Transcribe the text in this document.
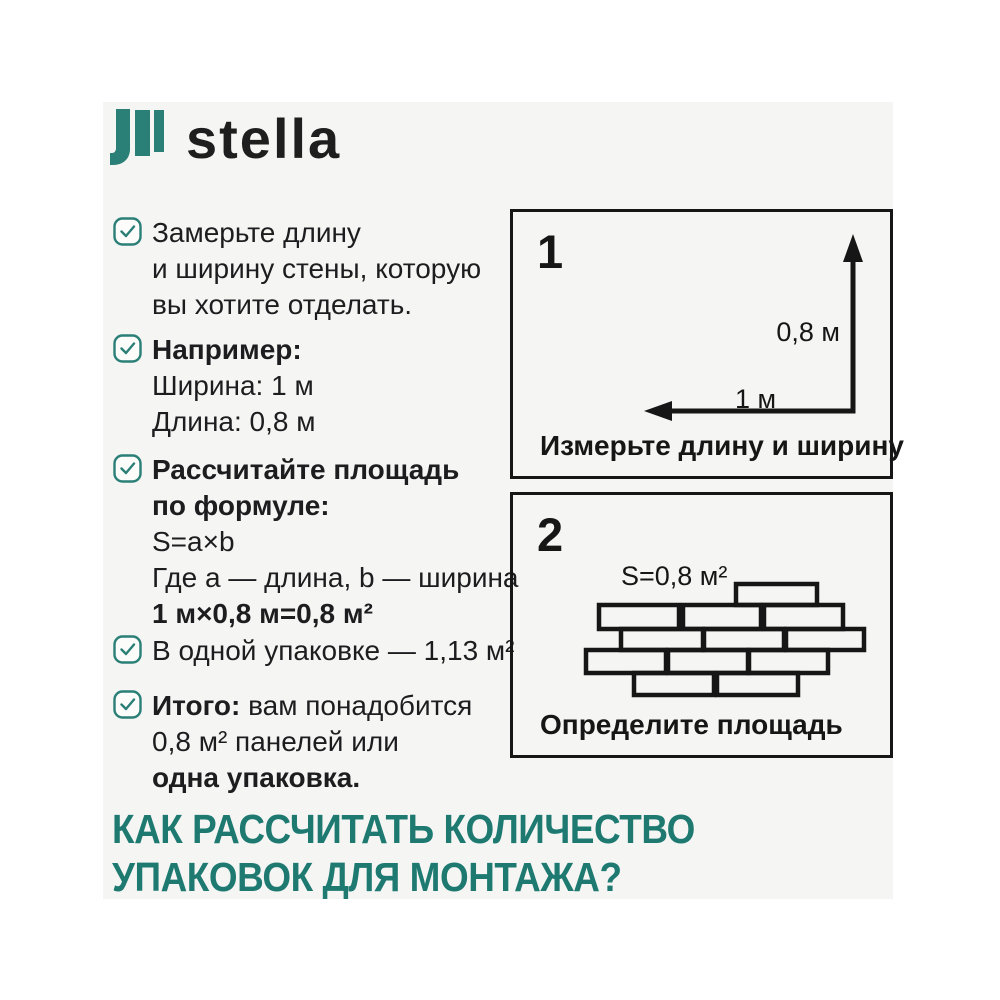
stella
Замерьте длину
и ширину стены, которую
вы хотите отделать.
Например:
Ширина: 1 м
Длина: 0,8 м
Рассчитайте площадь
по формуле:
S=a×b
Где a — длина, b — ширина
1 м×0,8 м=0,8 м²
В одной упаковке — 1,13 м²
Итого: вам понадобится
0,8 м² панелей или
одна упаковка.
1
0,8 м
1 м
Измерьте длину и ширину
2
S=0,8 м²
Определите площадь
КАК РАССЧИТАТЬ КОЛИЧЕСТВО
УПАКОВОК ДЛЯ МОНТАЖА?
